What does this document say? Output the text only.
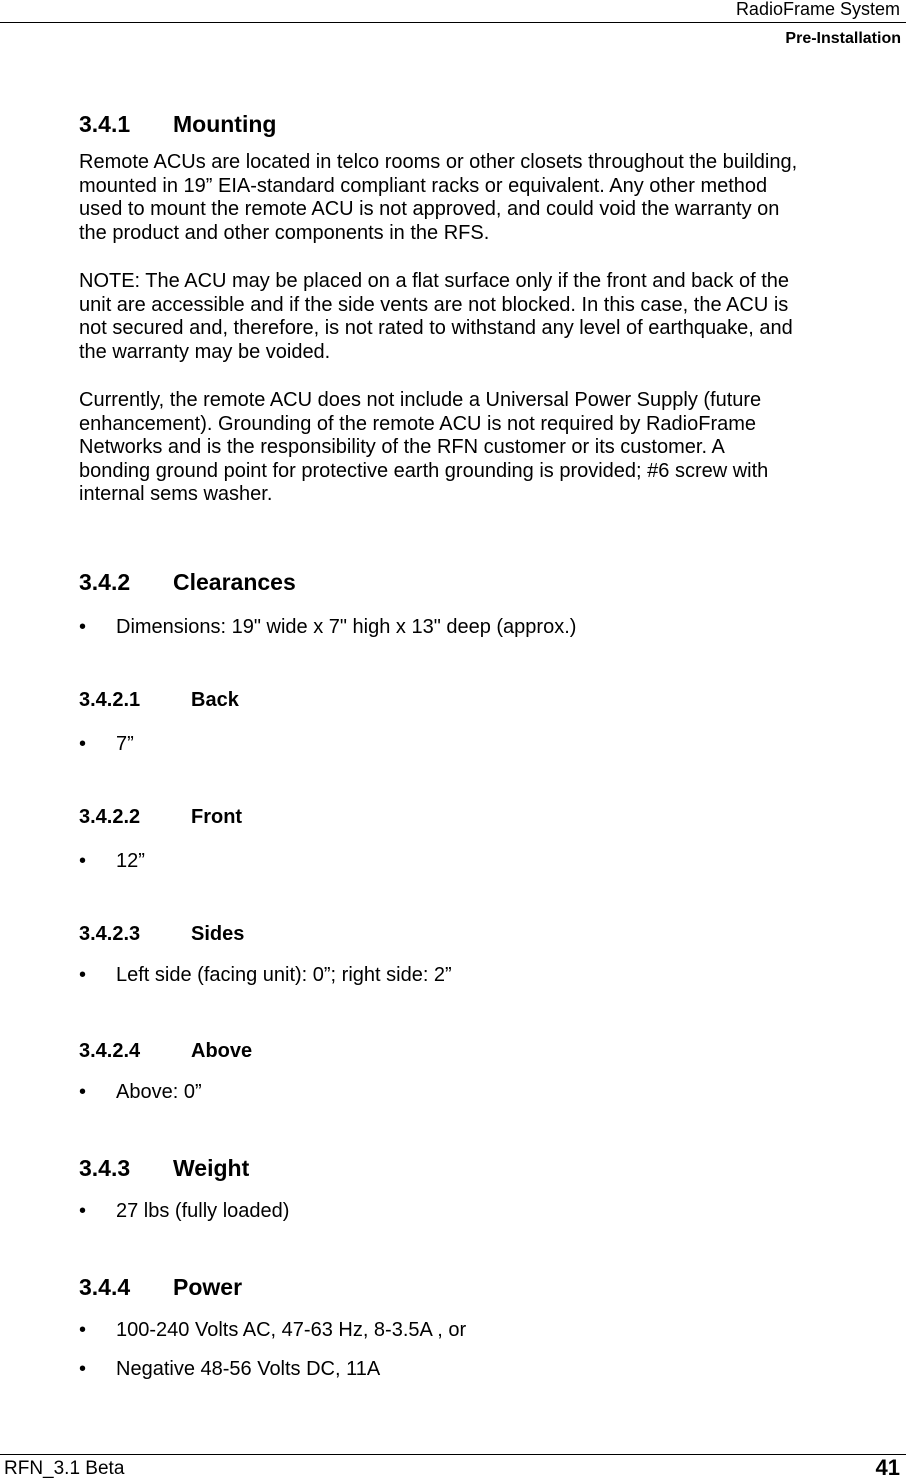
RadioFrame System
Pre-Installation
3.4.1 Mounting
Remote ACUs are located in telco rooms or other closets throughout the building,
mounted in 19” EIA-standard compliant racks or equivalent. Any other method
used to mount the remote ACU is not approved, and could void the warranty on
the product and other components in the RFS.
NOTE: The ACU may be placed on a flat surface only if the front and back of the
unit are accessible and if the side vents are not blocked. In this case, the ACU is
not secured and, therefore, is not rated to withstand any level of earthquake, and
the warranty may be voided.
Currently, the remote ACU does not include a Universal Power Supply (future
enhancement). Grounding of the remote ACU is not required by RadioFrame
Networks and is the responsibility of the RFN customer or its customer. A
bonding ground point for protective earth grounding is provided; #6 screw with
internal sems washer.
3.4.2 Clearances
• Dimensions: 19" wide x 7" high x 13" deep (approx.)
3.4.2.1	Back
• 7”
3.4.2.2	Front
• 12”
3.4.2.3	Sides
• Left side (facing unit): 0”; right side: 2”
3.4.2.4	Above
• Above: 0”
3.4.3 Weight
• 27 lbs (fully loaded)
3.4.4 Power
• 100-240 Volts AC, 47-63 Hz, 8-3.5A , or
• Negative 48-56 Volts DC, 11A
RFN_3.1 Beta	41
